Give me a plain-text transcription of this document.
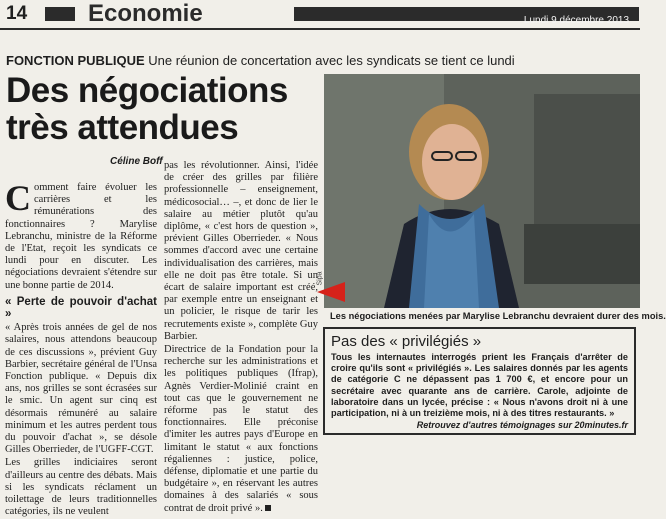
14	Economie	Lundi 9 décembre 2013
FONCTION PUBLIQUE Une réunion de concertation avec les syndicats se tient ce lundi
Des négociations très attendues
Céline Boff

Comment faire évoluer les carrières et les rémunérations des fonctionnaires ? Marylise Lebranchu, ministre de la Réforme de l'Etat, reçoit les syndicats ce lundi pour en discuter. Les négociations devraient s'étendre sur une bonne partie de 2014.

« Perte de pouvoir d'achat »

« Après trois années de gel de nos salaires, nous attendons beaucoup de ces discussions », prévient Guy Barbier, secrétaire général de l'Unsa Fonction publique. « Depuis dix ans, nos grilles se sont écrasées sur le smic. Un agent sur cinq est désormais rémunéré au salaire minimum et les autres perdent tous du pouvoir d'achat », se désole Gilles Oberrieder, de l'UGFF-CGT.

Les grilles indiciaires seront d'ailleurs au centre des débats. Mais si les syndicats réclament un toilettage de leurs traditionnelles catégories, ils ne veulent

pas les révolutionner. Ainsi, l'idée de créer des grilles par filière professionnelle – enseignement, médicosocial… –, et donc de lier le salaire au métier plutôt qu'au diplôme, « c'est hors de question », prévient Gilles Oberrieder. « Nous sommes d'accord avec une certaine individualisation des carrières, mais elle ne doit pas être totale. Si un écart de salaire important est créé, par exemple entre un enseignant et un policier, le risque de tarir les recrutements existe », complète Guy Barbier.

Directrice de la Fondation pour la recherche sur les administrations et les politiques publiques (Ifrap), Agnès Verdier-Molinié craint en tout cas que le gouvernement ne réforme pas le statut des fonctionnaires. Elle préconise d'imiter les autres pays d'Europe en limitant le statut « aux fonctions régaliennes : justice, police, défense, diplomatie et une partie du budgétaire », en réservant les autres domaines à des salariés « sous contrat de droit privé ».

Sipa
Les négociations menées par Marylise Lebranchu devraient durer des mois.
Pas des « privilégiés »
Tous les internautes interrogés prient les Français d'arrêter de croire qu'ils sont « privilégiés ». Les salaires donnés par les agents de catégorie C ne dépassent pas 1 700 €, et encore pour un secrétaire avec quarante ans de carrière. Carole, adjointe de laboratoire dans un lycée, précise : « Nous n'avons droit ni à une participation, ni à un treizième mois, ni à des titres restaurants. »
Retrouvez d'autres témoignages sur 20minutes.fr
